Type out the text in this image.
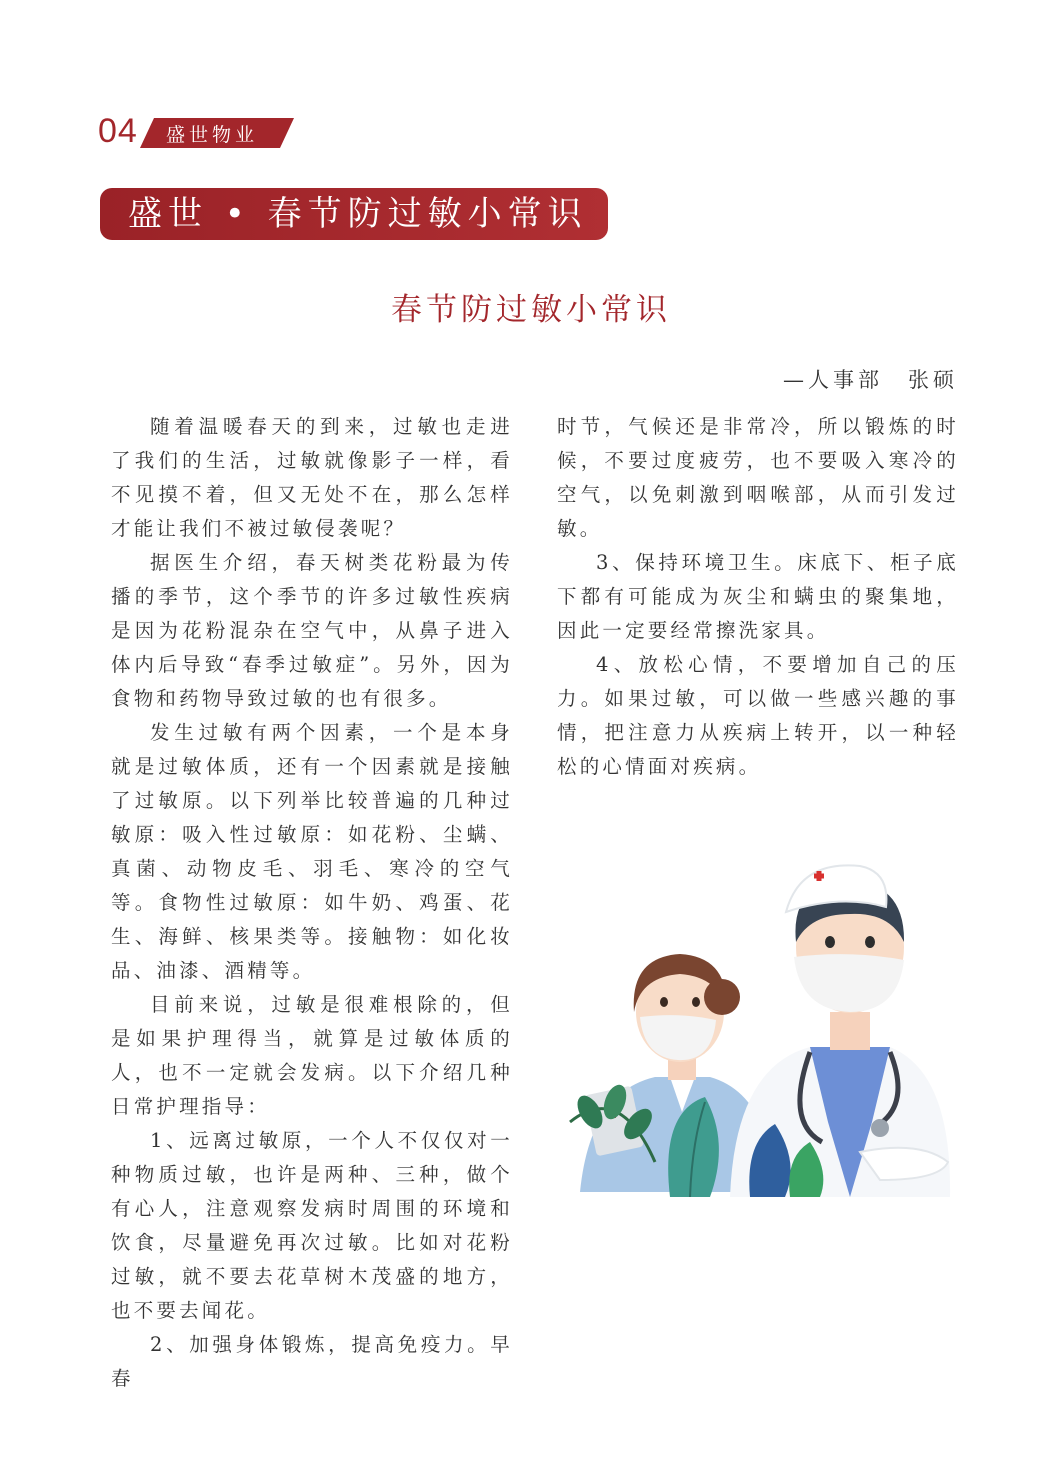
04 盛世物业
盛世 • 春节防过敏小常识
春节防过敏小常识
—人事部　张硕

随着温暖春天的到来，过敏也走进了我们的生活，过敏就像影子一样，看不见摸不着，但又无处不在，那么怎样才能让我们不被过敏侵袭呢？

据医生介绍，春天树类花粉最为传播的季节，这个季节的许多过敏性疾病是因为花粉混杂在空气中，从鼻子进入体内后导致“春季过敏症”。另外，因为食物和药物导致过敏的也有很多。

发生过敏有两个因素，一个是本身就是过敏体质，还有一个因素就是接触了过敏原。以下列举比较普遍的几种过敏原：吸入性过敏原：如花粉、尘螨、真菌、动物皮毛、羽毛、寒冷的空气等。食物性过敏原：如牛奶、鸡蛋、花生、海鲜、核果类等。接触物：如化妆品、油漆、酒精等。

目前来说，过敏是很难根除的，但是如果护理得当，就算是过敏体质的人，也不一定就会发病。以下介绍几种日常护理指导：

1、远离过敏原，一个人不仅仅对一种物质过敏，也许是两种、三种，做个有心人，注意观察发病时周围的环境和饮食，尽量避免再次过敏。比如对花粉过敏，就不要去花草树木茂盛的地方，也不要去闻花。

2、加强身体锻炼，提高免疫力。早春

时节，气候还是非常冷，所以锻炼的时候，不要过度疲劳，也不要吸入寒冷的空气，以免刺激到咽喉部，从而引发过敏。

3、保持环境卫生。床底下、柜子底下都有可能成为灰尘和螨虫的聚集地，因此一定要经常擦洗家具。

4、放松心情，不要增加自己的压力。如果过敏，可以做一些感兴趣的事情，把注意力从疾病上转开，以一种轻松的心情面对疾病。
